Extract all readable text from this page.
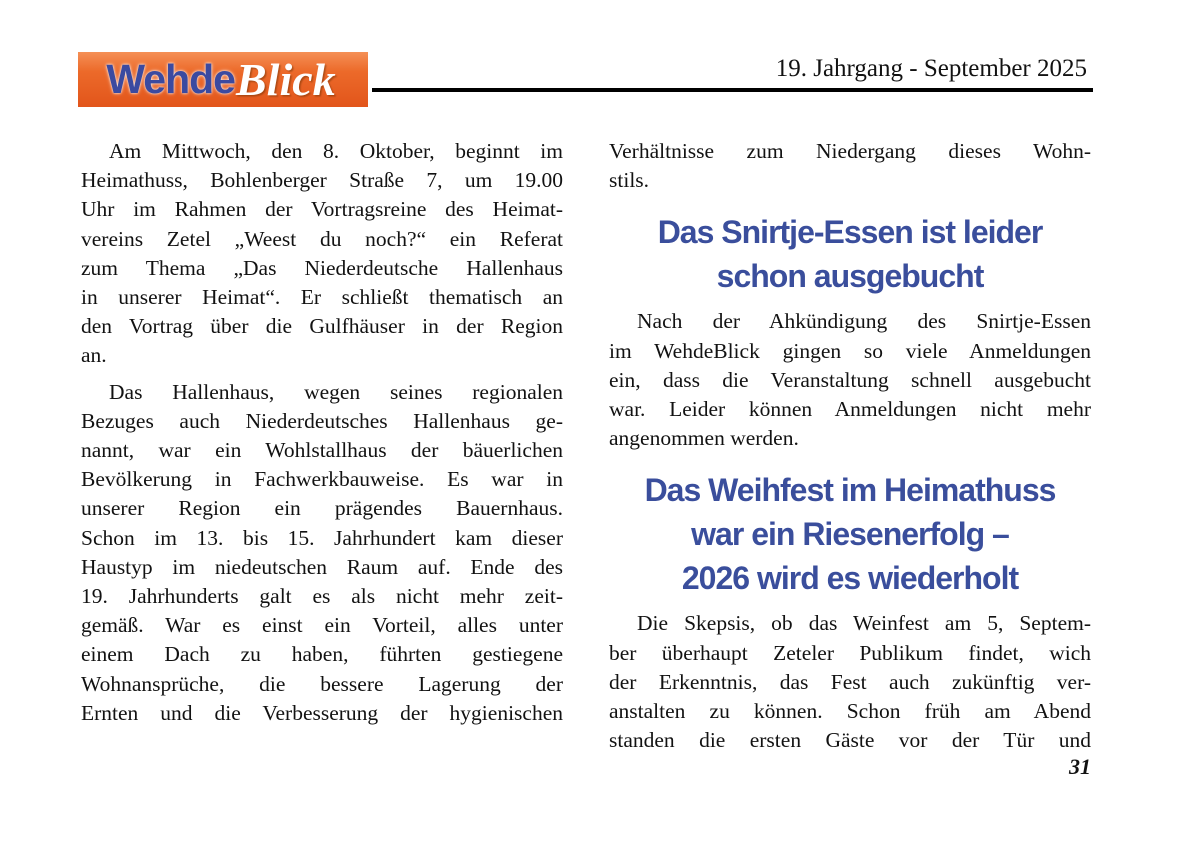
Wehde Blick	19. Jahrgang - September 2025
Am Mittwoch, den 8. Oktober, beginnt im
Heimathuss, Bohlenberger Straße 7, um 19.00
Uhr im Rahmen der Vortragsreine des Heimat-
vereins Zetel „Weest du noch?“ ein Referat
zum Thema „Das Niederdeutsche Hallenhaus
in unserer Heimat“. Er schließt thematisch an
den Vortrag über die Gulfhäuser in der Region
an.
Das Hallenhaus, wegen seines regionalen
Bezuges auch Niederdeutsches Hallenhaus ge-
nannt, war ein Wohlstallhaus der bäuerlichen
Bevölkerung in Fachwerkbauweise. Es war in
unserer Region ein prägendes Bauernhaus.
Schon im 13. bis 15. Jahrhundert kam dieser
Haustyp im niedeutschen Raum auf. Ende des
19. Jahrhunderts galt es als nicht mehr zeit-
gemäß. War es einst ein Vorteil, alles unter
einem Dach zu haben, führten gestiegene
Wohnansprüche, die bessere Lagerung der
Ernten und die Verbesserung der hygienischen
Verhältnisse zum Niedergang dieses Wohn-
stils.
Das Snirtje-Essen ist leider
schon ausgebucht
Nach der Ahkündigung des Snirtje-Essen
im WehdeBlick gingen so viele Anmeldungen
ein, dass die Veranstaltung schnell ausgebucht
war. Leider können Anmeldungen nicht mehr
angenommen werden.
Das Weihfest im Heimathuss
war ein Riesenerfolg –
2026 wird es wiederholt
Die Skepsis, ob das Weinfest am 5, Septem-
ber überhaupt Zeteler Publikum findet, wich
der Erkenntnis, das Fest auch zukünftig ver-
anstalten zu können. Schon früh am Abend
standen die ersten Gäste vor der Tür und
31
